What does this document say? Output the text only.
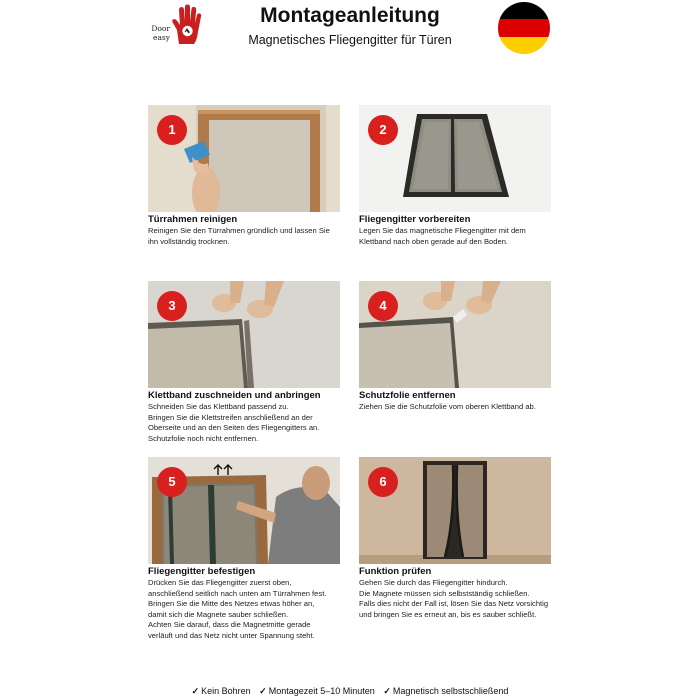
Door
easy
Montageanleitung
Magnetisches Fliegengitter für Türen
1
Türrahmen reinigen
Reinigen Sie den Türrahmen gründlich und lassen Sie
ihn vollständig trocknen.
2
Fliegengitter vorbereiten
Legen Sie das magnetische Fliegengitter mit dem
Klettband nach oben gerade auf den Boden.
3
Klettband zuschneiden und anbringen
Schneiden Sie das Klettband passend zu.
Bringen Sie die Klettstreifen anschließend an der
Oberseite und an den Seiten des Fliegengitters an.
Schutzfolie noch nicht entfernen.
4
Schutzfolie entfernen
Ziehen Sie die Schutzfolie vom oberen Klettband ab.
5
Fliegengitter befestigen
Drücken Sie das Fliegengitter zuerst oben,
anschließend seitlich nach unten am Türrahmen fest.
Bringen Sie die Mitte des Netzes etwas höher an,
damit sich die Magnete sauber schließen.
Achten Sie darauf, dass die Magnetmitte gerade
verläuft und das Netz nicht unter Spannung steht.
6
Funktion prüfen
Gehen Sie durch das Fliegengitter hindurch.
Die Magnete müssen sich selbstständig schließen.
Falls dies nicht der Fall ist, lösen Sie das Netz vorsichtig
und bringen Sie es erneut an, bis es sauber schließt.
✓ Kein Bohren ✓ Montagezeit 5–10 Minuten ✓ Magnetisch selbstschließend
